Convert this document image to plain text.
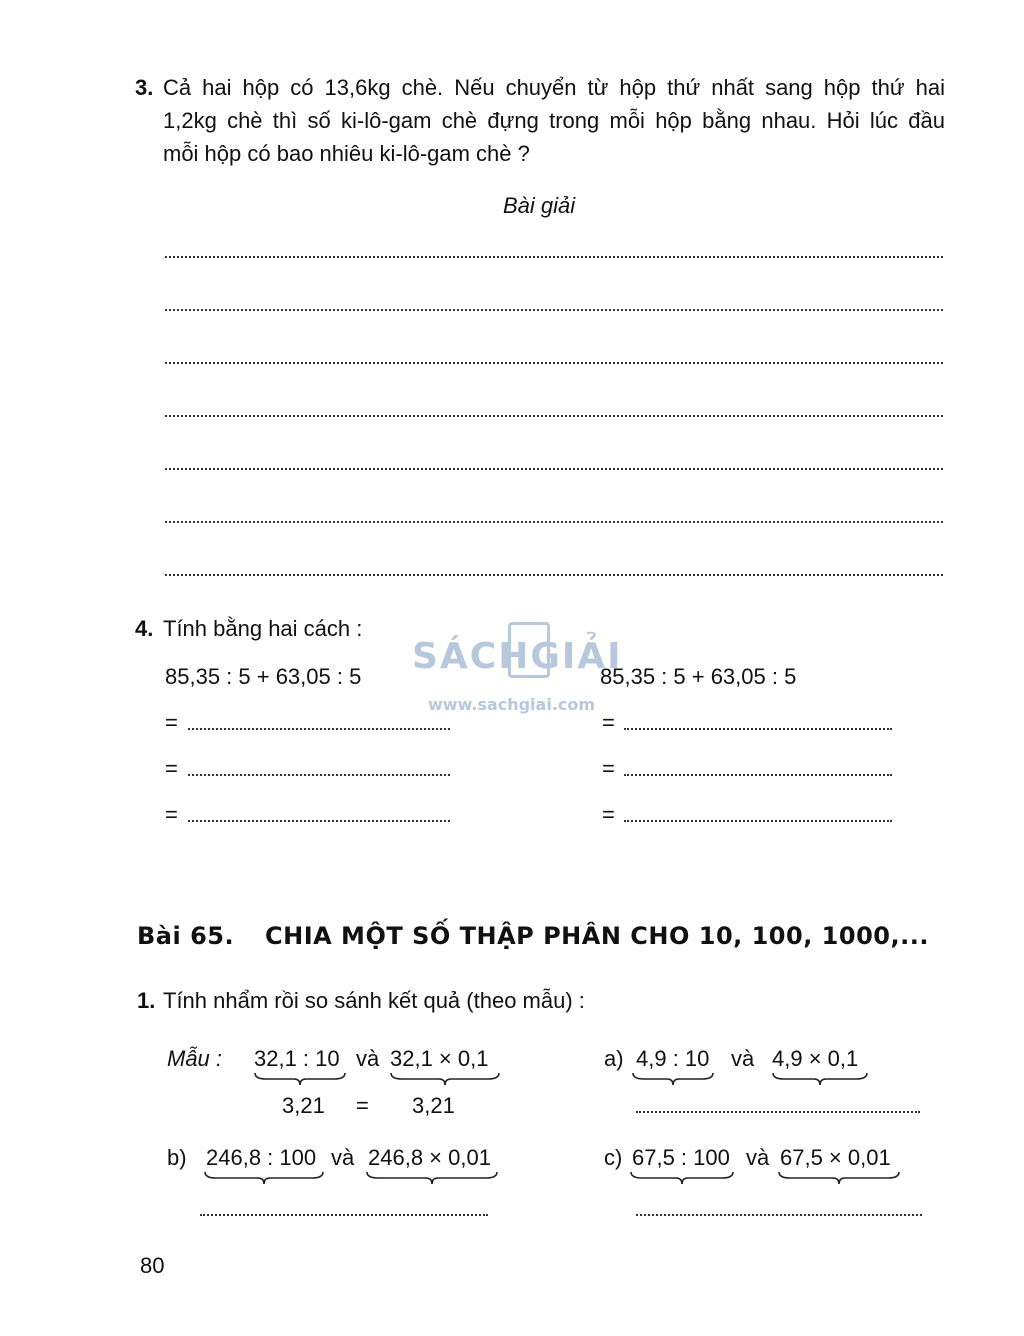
3. Cả hai hộp có 13,6kg chè. Nếu chuyển từ hộp thứ nhất sang hộp thứ hai
1,2kg chè thì số ki-lô-gam chè đựng trong mỗi hộp bằng nhau. Hỏi lúc đầu
mỗi hộp có bao nhiêu ki-lô-gam chè ?
Bài giải
4. Tính bằng hai cách :
85,35 : 5 + 63,05 : 5	85,35 : 5 + 63,05 : 5
=
=
=
=
=
=
SÁCHGIẢI
www.sachgiai.com
Bài 65. CHIA MỘT SỐ THẬP PHÂN CHO 10, 100, 1000,...
1. Tính nhẩm rồi so sánh kết quả (theo mẫu) :
Mẫu : 32,1 : 10 và 32,1 × 0,1
3,21 = 3,21
a) 4,9 : 10 và 4,9 × 0,1
b) 246,8 : 100 và 246,8 × 0,01	c) 67,5 : 100 và 67,5 × 0,01
80
